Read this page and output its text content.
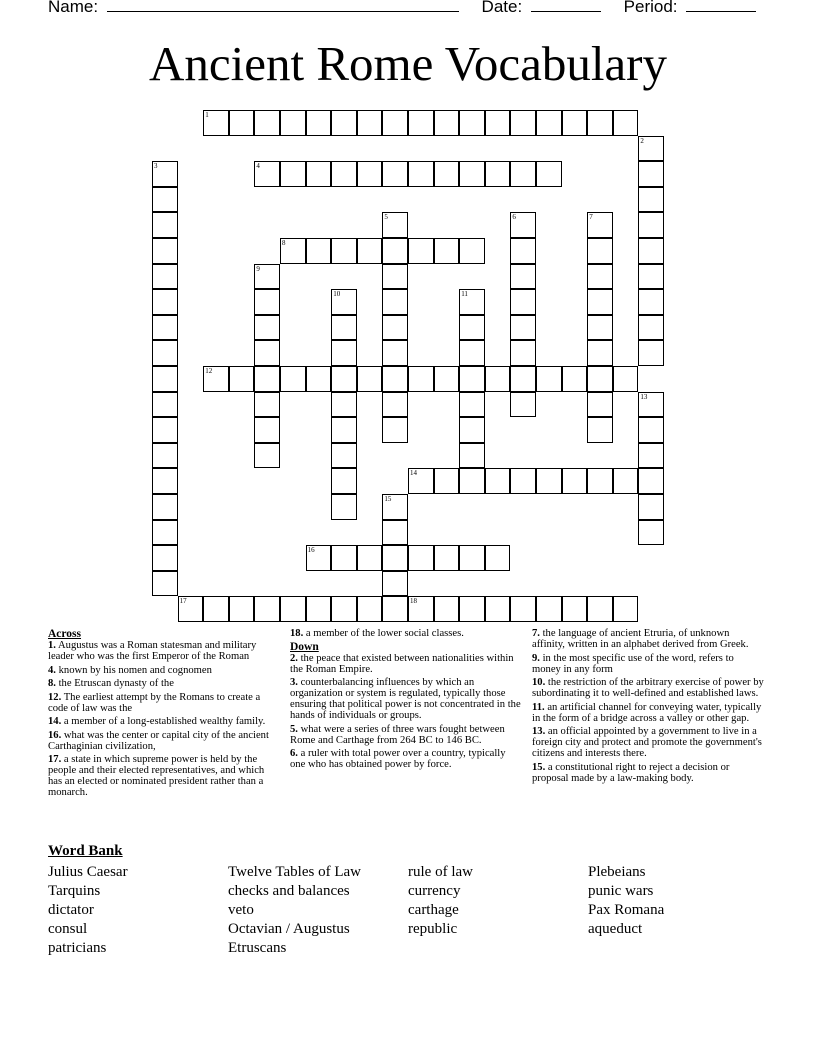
Name:	Date:	Period:
Ancient Rome Vocabulary
1
2
3	4
5	6	7
8
9
10	11
12
13
14
15
16
17	18
Across
1. Augustus was a Roman statesman and military leader who was the first Emperor of the Roman
4. known by his nomen and cognomen
8. the Etruscan dynasty of the
12. The earliest attempt by the Romans to create a code of law was the
14. a member of a long-established wealthy family.
16. what was the center or capital city of the ancient Carthaginian civilization,
17. a state in which supreme power is held by the people and their elected representatives, and which has an elected or nominated president rather than a monarch.
18. a member of the lower social classes.
Down
2. the peace that existed between nationalities within the Roman Empire.
3. counterbalancing influences by which an organization or system is regulated, typically those ensuring that political power is not concentrated in the hands of individuals or groups.
5. what were a series of three wars fought between Rome and Carthage from 264 BC to 146 BC.
6. a ruler with total power over a country, typically one who has obtained power by force.
7. the language of ancient Etruria, of unknown affinity, written in an alphabet derived from Greek.
9. in the most specific use of the word, refers to money in any form
10. the restriction of the arbitrary exercise of power by subordinating it to well-defined and established laws.
11. an artificial channel for conveying water, typically in the form of a bridge across a valley or other gap.
13. an official appointed by a government to live in a foreign city and protect and promote the government's citizens and interests there.
15. a constitutional right to reject a decision or proposal made by a law-making body.
Word Bank
Julius Caesar
Tarquins
dictator
consul
patricians
Twelve Tables of Law
checks and balances
veto
Octavian / Augustus
Etruscans
rule of law
currency
carthage
republic
Plebeians
punic wars
Pax Romana
aqueduct
